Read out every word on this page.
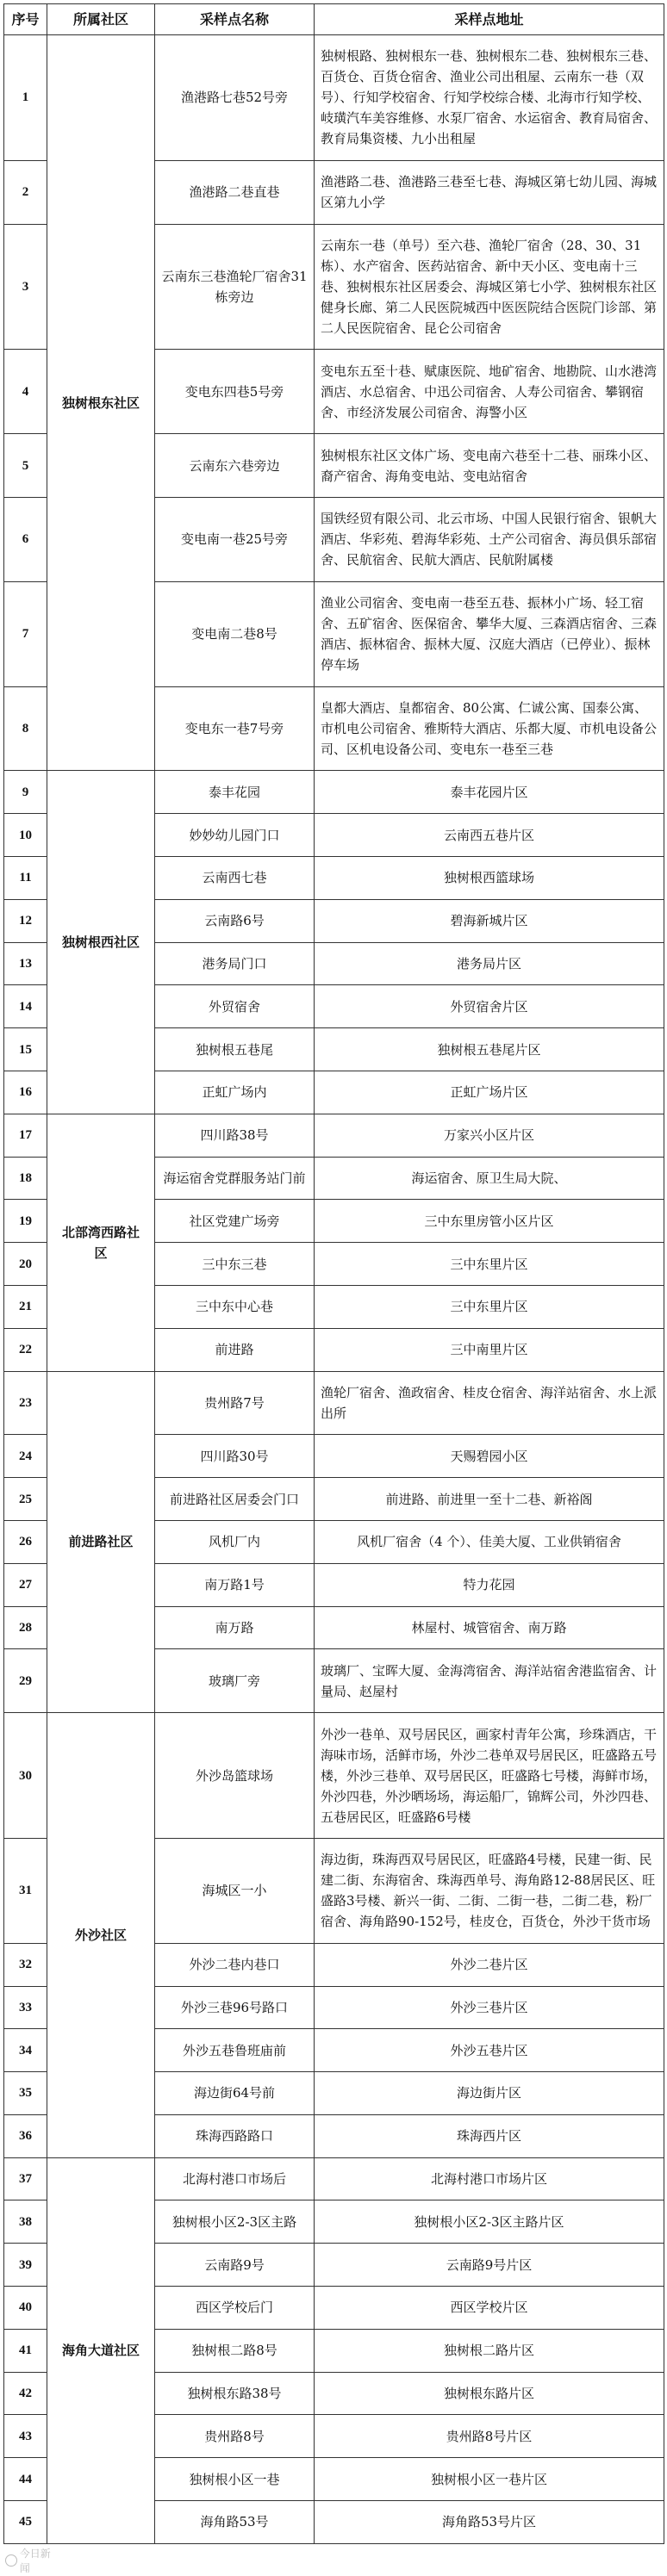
序号	所属社区	采样点名称	采样点地址
1	独树根东社区	渔港路七巷52号旁	独树根路、独树根东一巷、独树根东二巷、独树根东三巷、百货仓、百货仓宿舍、渔业公司出租屋、云南东一巷（双号）、行知学校宿舍、行知学校综合楼、北海市行知学校、岐璜汽车美容维修、水泵厂宿舍、水运宿舍、教育局宿舍、教育局集资楼、九小出租屋
2		渔港路二巷直巷	渔港路二巷、渔港路三巷至七巷、海城区第七幼儿园、海城区第九小学
3		云南东三巷渔轮厂宿舍31栋旁边	云南东一巷（单号）至六巷、渔轮厂宿舍（28、30、31栋）、水产宿舍、医药站宿舍、新中天小区、变电南十三巷、独树根东社区居委会、海城区第七小学、独树根东社区健身长廊、第二人民医院城西中医医院结合医院门诊部、第二人民医院宿舍、昆仑公司宿舍
4		变电东四巷5号旁	变电东五至十巷、赋康医院、地矿宿舍、地勘院、山水港湾酒店、水总宿舍、中迅公司宿舍、人寿公司宿舍、攀钢宿舍、市经济发展公司宿舍、海警小区
5		云南东六巷旁边	独树根东社区文体广场、变电南六巷至十二巷、丽珠小区、裔产宿舍、海角变电站、变电站宿舍
6		变电南一巷25号旁	国铁经贸有限公司、北云市场、中国人民银行宿舍、银帆大酒店、华彩苑、碧海华彩苑、土产公司宿舍、海员俱乐部宿舍、民航宿舍、民航大酒店、民航附属楼
7		变电南二巷8号	渔业公司宿舍、变电南一巷至五巷、振林小广场、轻工宿舍、五矿宿舍、医保宿舍、攀华大厦、三森酒店宿舍、三森酒店、振林宿舍、振林大厦、汉庭大酒店（已停业）、振林停车场
8		变电东一巷7号旁	皇都大酒店、皇都宿舍、80公寓、仁诚公寓、国泰公寓、市机电公司宿舍、雅斯特大酒店、乐都大厦、市机电设备公司、区机电设备公司、变电东一巷至三巷
9	独树根西社区	泰丰花园	泰丰花园片区
10		妙妙幼儿园门口	云南西五巷片区
11		云南西七巷	独树根西篮球场
12		云南路6号	碧海新城片区
13		港务局门口	港务局片区
14		外贸宿舍	外贸宿舍片区
15		独树根五巷尾	独树根五巷尾片区
16		正虹广场内	正虹广场片区
17	北部湾西路社区	四川路38号	万家兴小区片区
18		海运宿舍党群服务站门前	海运宿舍、原卫生局大院、
19		社区党建广场旁	三中东里房管小区片区
20		三中东三巷	三中东里片区
21		三中东中心巷	三中东里片区
22		前进路	三中南里片区
23	前进路社区	贵州路7号	渔轮厂宿舍、渔政宿舍、桂皮仓宿舍、海洋站宿舍、水上派出所
24		四川路30号	天赐碧园小区
25		前进路社区居委会门口	前进路、前进里一至十二巷、新裕阁
26		风机厂内	风机厂宿舍（4 个）、佳美大厦、工业供销宿舍
27		南万路1号	特力花园
28		南万路	林屋村、城管宿舍、南万路
29		玻璃厂旁	玻璃厂、宝晖大厦、金海湾宿舍、海洋站宿舍港监宿舍、计量局、赵屋村
30	外沙社区	外沙岛篮球场	外沙一巷单、双号居民区，画家村青年公寓，珍珠酒店，干海味市场，活鲜市场，外沙二巷单双号居民区，旺盛路五号楼，外沙三巷单、双号居民区，旺盛路七号楼，海鲜市场，外沙四巷，外沙晒场场，海运船厂，锦辉公司，外沙四巷、五巷居民区，旺盛路6号楼
31		海城区一小	海边街，珠海西双号居民区，旺盛路4号楼，民建一街、民建二街、东海宿舍、珠海西单号、海角路12-88居民区、旺盛路3号楼、新兴一街、二街、二街一巷，二街二巷，粉厂宿舍、海角路90-152号，桂皮仓，百货仓，外沙干货市场
32		外沙二巷内巷口	外沙二巷片区
33		外沙三巷96号路口	外沙三巷片区
34		外沙五巷鲁班庙前	外沙五巷片区
35		海边街64号前	海边街片区
36		珠海西路路口	珠海西片区
37	海角大道社区	北海村港口市场后	北海村港口市场片区
38		独树根小区2-3区主路	独树根小区2-3区主路片区
39		云南路9号	云南路9号片区
40		西区学校后门	西区学校片区
41		独树根二路8号	独树根二路片区
42		独树根东路38号	独树根东路片区
43		贵州路8号	贵州路8号片区
44		独树根小区一巷	独树根小区一巷片区
45		海角路53号	海角路53号片区
今日新闻
